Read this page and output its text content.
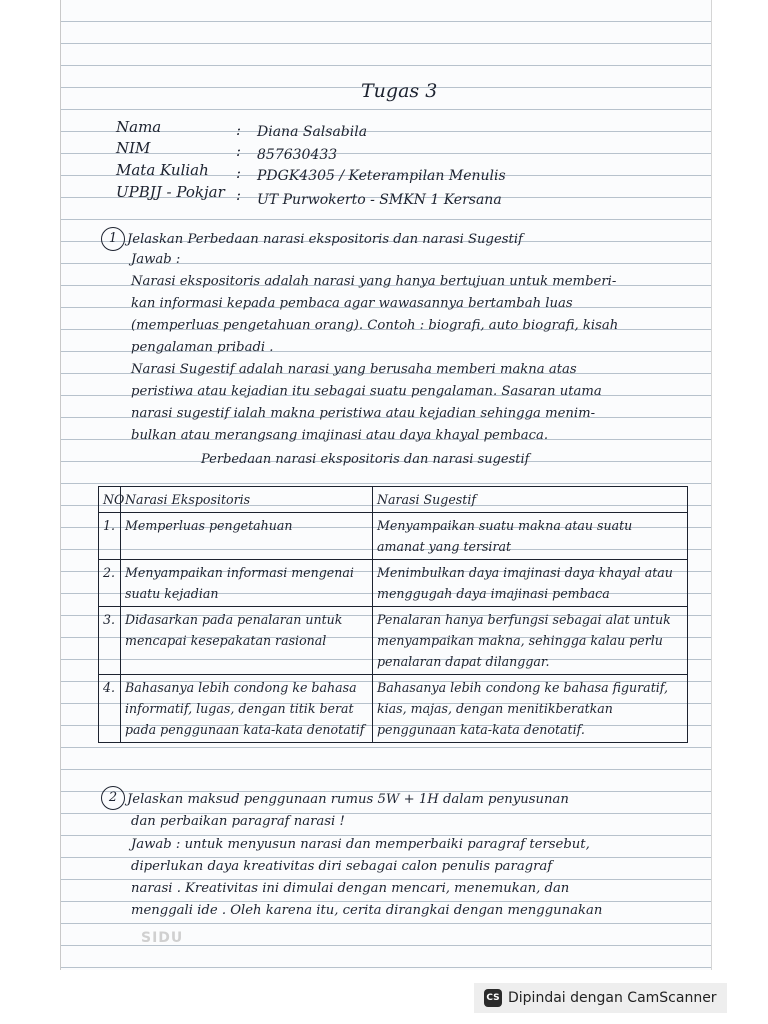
Tugas 3
Nama	: Diana Salsabila
NIM	: 857630433
Mata Kuliah : PDGK4305 / Keterampilan Menulis
UPBJJ - Pokjar : UT Purwokerto - SMKN 1 Kersana
1 Jelaskan Perbedaan narasi ekspositoris dan narasi Sugestif
Jawab :
Narasi ekspositoris adalah narasi yang hanya bertujuan untuk memberi-
kan informasi kepada pembaca agar wawasannya bertambah luas
(memperluas pengetahuan orang). Contoh : biografi, auto biografi, kisah
pengalaman pribadi .
Narasi Sugestif adalah narasi yang berusaha memberi makna atas
peristiwa atau kejadian itu sebagai suatu pengalaman. Sasaran utama
narasi sugestif ialah makna peristiwa atau kejadian sehingga menim-
bulkan atau merangsang imajinasi atau daya khayal pembaca.
Perbedaan narasi ekspositoris dan narasi sugestif
NO	Narasi Ekspositoris	Narasi Sugestif
1.	Memperluas pengetahuan	Menyampaikan suatu makna atau suatu amanat yang tersirat
2.	Menyampaikan informasi mengenai suatu kejadian	Menimbulkan daya imajinasi daya khayal atau menggugah daya imajinasi pembaca
3.	Didasarkan pada penalaran untuk mencapai kesepakatan rasional	Penalaran hanya berfungsi sebagai alat untuk menyampaikan makna, sehingga kalau perlu penalaran dapat dilanggar.
4.	Bahasanya lebih condong ke bahasa informatif, lugas, dengan titik berat pada penggunaan kata-kata denotatif	Bahasanya lebih condong ke bahasa figuratif, kias, majas, dengan menitikberatkan penggunaan kata-kata denotatif.
2 Jelaskan maksud penggunaan rumus 5W + 1H dalam penyusunan
dan perbaikan paragraf narasi !
Jawab : untuk menyusun narasi dan memperbaiki paragraf tersebut,
diperlukan daya kreativitas diri sebagai calon penulis paragraf
narasi . Kreativitas ini dimulai dengan mencari, menemukan, dan
menggali ide . Oleh karena itu, cerita dirangkai dengan menggunakan
SIDU
CS Dipindai dengan CamScanner
